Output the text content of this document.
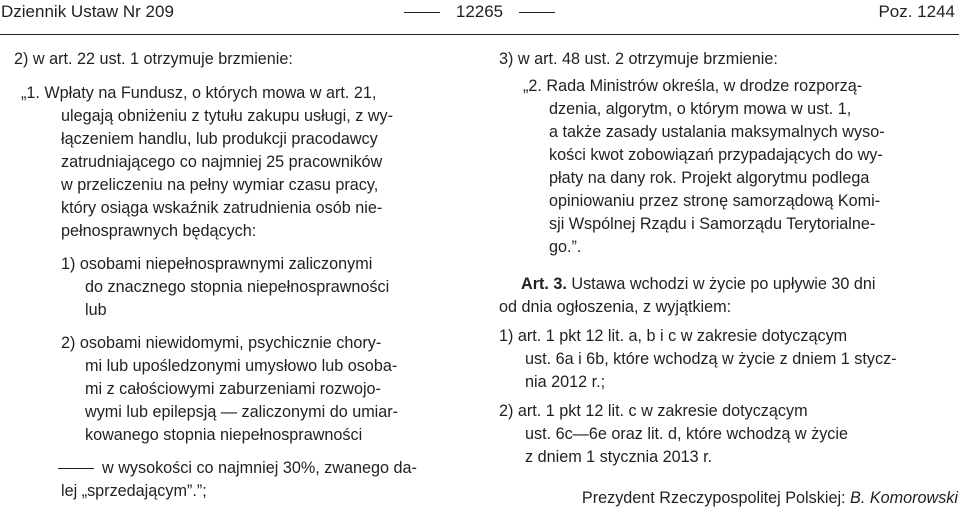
Dziennik Ustaw Nr 209	12265	Poz. 1244

2) w art. 22 ust. 1 otrzymuje brzmienie:

„1. Wpłaty na Fundusz, o których mowa w art. 21,
ulegają obniżeniu z tytułu zakupu usługi, z wy-
łączeniem handlu, lub produkcji pracodawcy
zatrudniającego co najmniej 25 pracowników
w przeliczeniu na pełny wymiar czasu pracy,
który osiąga wskaźnik zatrudnienia osób nie-
pełnosprawnych będących:
1) osobami niepełnosprawnymi zaliczonymi
do znacznego stopnia niepełnosprawności
lub
2) osobami niewidomymi, psychicznie chory-
mi lub upośledzonymi umysłowo lub osoba-
mi z całościowymi zaburzeniami rozwojo-
wymi lub epilepsją — zaliczonymi do umiar-
kowanego stopnia niepełnosprawności
w wysokości co najmniej 30%, zwanego da-
lej „sprzedającym”.”;

3) w art. 48 ust. 2 otrzymuje brzmienie:

„2. Rada Ministrów określa, w drodze rozporzą-
dzenia, algorytm, o którym mowa w ust. 1,
a także zasady ustalania maksymalnych wyso-
kości kwot zobowiązań przypadających do wy-
płaty na dany rok. Projekt algorytmu podlega
opiniowaniu przez stronę samorządową Komi-
sji Wspólnej Rządu i Samorządu Terytorialne-
go.”.
Art. 3. Ustawa wchodzi w życie po upływie 30 dni
od dnia ogłoszenia, z wyjątkiem:
1) art. 1 pkt 12 lit. a, b i c w zakresie dotyczącym
ust. 6a i 6b, które wchodzą w życie z dniem 1 stycz-
nia 2012 r.;
2) art. 1 pkt 12 lit. c w zakresie dotyczącym
ust. 6c—6e oraz lit. d, które wchodzą w życie
z dniem 1 stycznia 2013 r.
Prezydent Rzeczypospolitej Polskiej: B. Komorowski
